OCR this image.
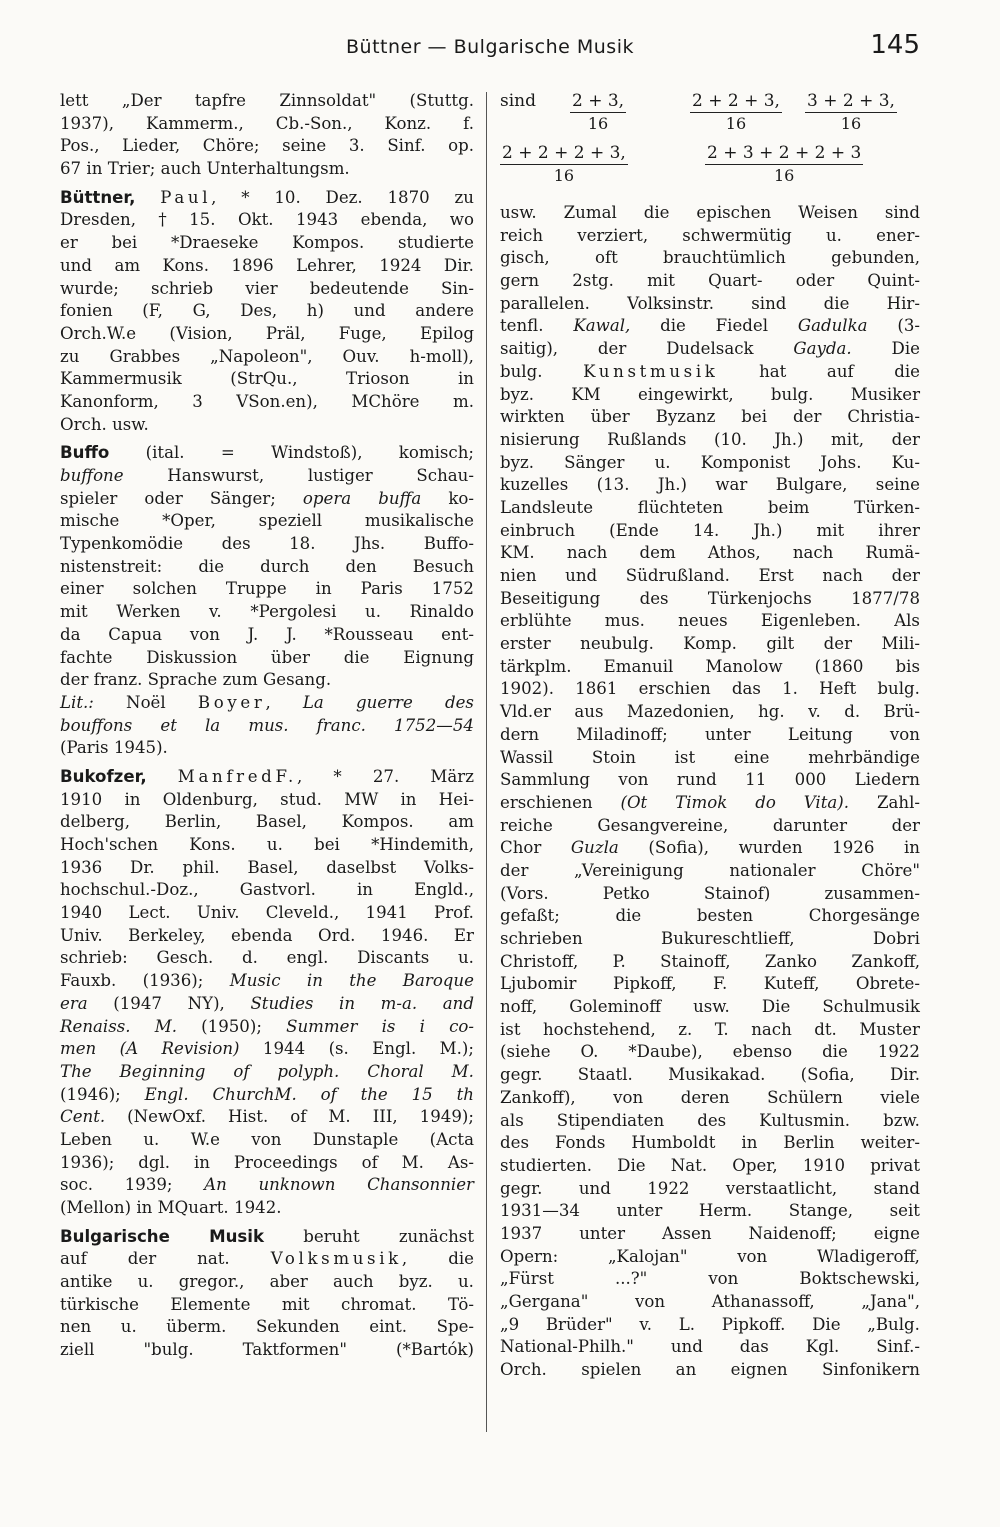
Büttner — Bulgarische Musik	145
lett „Der tapfre Zinnsoldat" (Stuttg.
1937), Kammerm., Cb.-Son., Konz. f.
Pos., Lieder, Chöre; seine 3. Sinf. op.
67 in Trier; auch Unterhaltungsm.
Büttner, Paul, * 10. Dez. 1870 zu
Dresden, † 15. Okt. 1943 ebenda, wo
er bei *Draeseke Kompos. studierte
und am Kons. 1896 Lehrer, 1924 Dir.
wurde; schrieb vier bedeutende Sin-
fonien (F, G, Des, h) und andere
Orch.W.e (Vision, Präl, Fuge, Epilog
zu Grabbes „Napoleon", Ouv. h-moll),
Kammermusik	(StrQu.,	Trioson	in
Kanonform, 3 VSon.en), MChöre m.
Orch. usw.
Buffo (ital. = Windstoß), komisch;
buffone	Hanswurst,	lustiger	Schau-
spieler oder Sänger; opera buffa ko-
mische	*Oper,	speziell	musikalische
Typenkomödie des 18. Jhs. Buffo-
nistenstreit: die durch den Besuch
einer solchen Truppe in Paris 1752
mit Werken v. *Pergolesi u. Rinaldo
da Capua von J. J. *Rousseau ent-
fachte Diskussion über die Eignung
der franz. Sprache zum Gesang.
Lit.: Noël Boyer, La guerre des
bouffons et la mus. franc. 1752—54
(Paris 1945).
Bukofzer, ManfredF., * 27. März
1910 in Oldenburg, stud. MW in Hei-
delberg, Berlin, Basel, Kompos. am
Hoch'schen Kons. u. bei *Hindemith,
1936 Dr. phil. Basel, daselbst Volks-
hochschul.-Doz., Gastvorl. in Engld.,
1940 Lect. Univ. Cleveld., 1941 Prof.
Univ. Berkeley, ebenda Ord. 1946. Er
schrieb: Gesch. d. engl. Discants u.
Fauxb. (1936); Music in the Baroque
era (1947 NY), Studies in m-a. and
Renaiss. M. (1950); Summer is i co-
men (A Revision) 1944 (s. Engl. M.);
The Beginning of polyph. Choral M.
(1946); Engl. ChurchM. of the 15 th
Cent. (NewOxf. Hist. of M. III, 1949);
Leben u. W.e von Dunstaple (Acta
1936); dgl. in Proceedings of M. As-
soc. 1939; An unknown Chansonnier
(Mellon) in MQuart. 1942.
Bulgarische Musik beruht zunächst
auf der nat. Volksmusik, die
antike u. gregor., aber auch byz. u.
türkische Elemente mit chromat. Tö-
nen u. überm. Sekunden eint. Spe-
ziell	"bulg.	Taktformen"	(*Bartók)
sind $\frac{2 + 3,}{16}$	$\frac{2 + 2 + 3,}{16} \frac{3 + 2 + 3,}{16}$
$\frac{2 + 2 + 2 + 3,}{16}$	$\frac{2 + 3 + 2 + 2 + 3}{16}$
usw. Zumal die epischen Weisen sind
reich verziert, schwermütig u. ener-
gisch,	oft	brauchtümlich	gebunden,
gern 2stg. mit Quart- oder Quint-
parallelen. Volksinstr. sind die Hir-
tenfl. Kawal, die Fiedel Gadulka (3-
saitig), der Dudelsack Gayda. Die
bulg. Kunstmusik hat auf die
byz. KM eingewirkt, bulg. Musiker
wirkten über Byzanz bei der Christia-
nisierung Rußlands (10. Jh.) mit, der
byz. Sänger u. Komponist Johs. Ku-
kuzelles (13. Jh.) war Bulgare, seine
Landsleute	flüchteten	beim	Türken-
einbruch (Ende 14. Jh.) mit ihrer
KM. nach dem Athos, nach Rumä-
nien und Südrußland. Erst nach der
Beseitigung des Türkenjochs 1877/78
erblühte mus. neues Eigenleben. Als
erster neubulg. Komp. gilt der Mili-
tärkplm. Emanuil Manolow (1860 bis
1902). 1861 erschien das 1. Heft bulg.
Vld.er aus Mazedonien, hg. v. d. Brü-
dern Miladinoff; unter Leitung von
Wassil Stoin ist eine mehrbändige
Sammlung von rund 11 000 Liedern
erschienen (Ot Timok do Vita). Zahl-
reiche	Gesangvereine,	darunter	der
Chor Guzla (Sofia), wurden 1926 in
der	„Vereinigung	nationaler	Chöre"
(Vors.	Petko	Stainof)	zusammen-
gefaßt;	die	besten	Chorgesänge
schrieben	Bukureschtlieff,	Dobri
Christoff, P. Stainoff, Zanko Zankoff,
Ljubomir Pipkoff, F. Kuteff, Obrete-
noff, Goleminoff usw. Die Schulmusik
ist hochstehend, z. T. nach dt. Muster
(siehe O. *Daube), ebenso die 1922
gegr. Staatl. Musikakad. (Sofia, Dir.
Zankoff), von deren Schülern viele
als Stipendiaten des Kultusmin. bzw.
des Fonds Humboldt in Berlin weiter-
studierten. Die Nat. Oper, 1910 privat
gegr. und 1922 verstaatlicht, stand
1931—34 unter Herm. Stange, seit
1937 unter Assen Naidenoff; eigne
Opern:	„Kalojan"	von	Wladigeroff,
„Fürst	...?"	von	Boktschewski,
„Gergana"	von	Athanassoff,	„Jana",
„9 Brüder" v. L. Pipkoff. Die „Bulg.
National-Philh." und das Kgl. Sinf.-
Orch. spielen an eignen Sinfonikern
